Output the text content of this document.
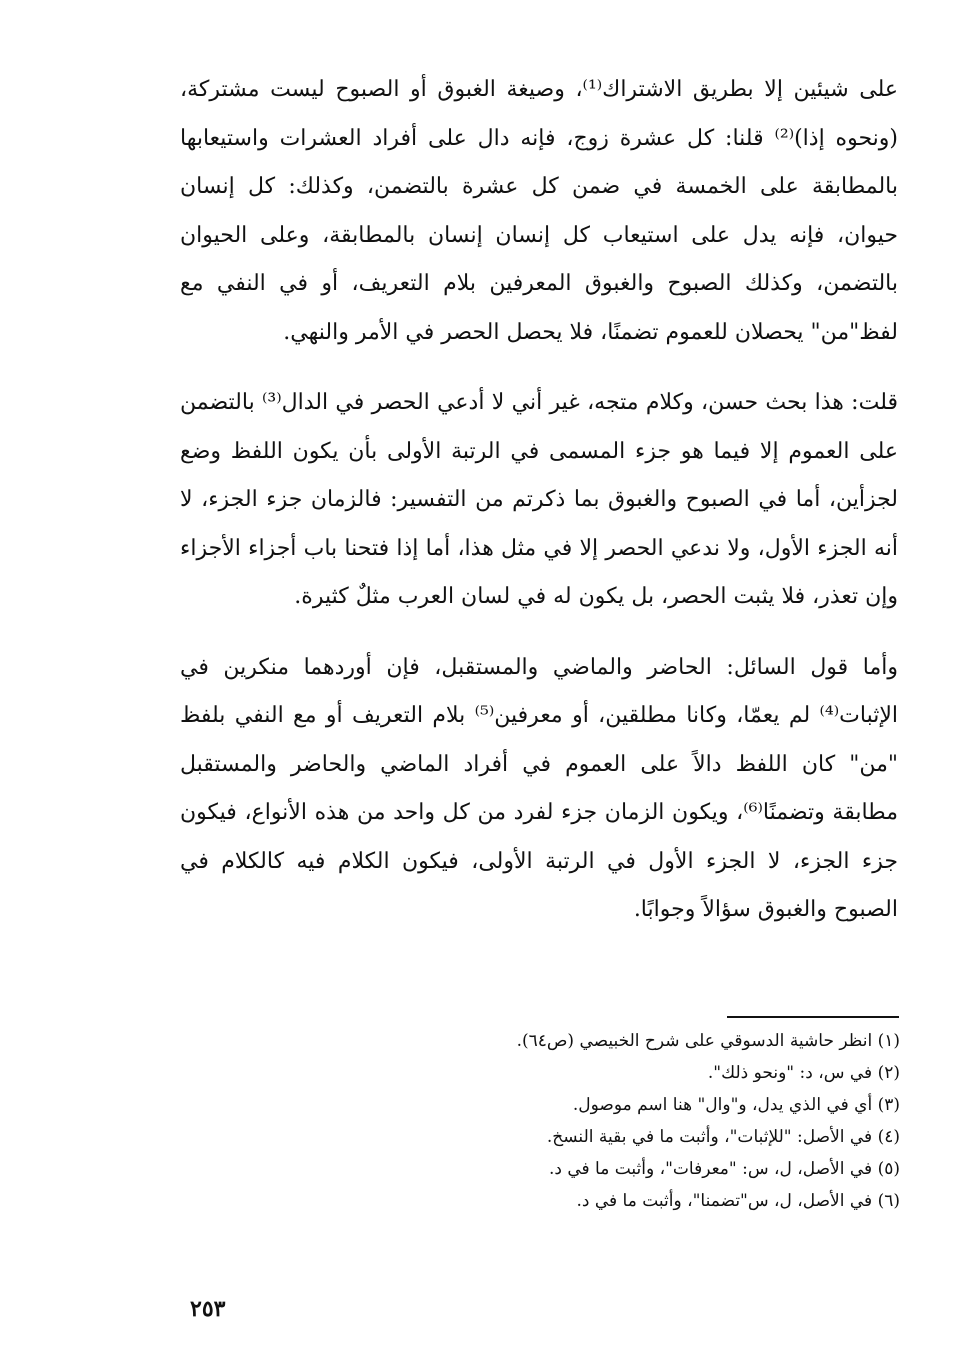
على شيئين إلا بطريق الاشتراك⁽¹⁾، وصيغة الغبوق أو الصبوح ليست مشتركة، (ونحوه إذا)⁽²⁾ قلنا: كل عشرة زوج، فإنه دال على أفراد العشرات واستيعابها بالمطابقة على الخمسة في ضمن كل عشرة بالتضمن، وكذلك: كل إنسان حيوان، فإنه يدل على استيعاب كل إنسان إنسان بالمطابقة، وعلى الحيوان بالتضمن، وكذلك الصبوح والغبوق المعرفين بلام التعريف، أو في النفي مع لفظ"من" يحصلان للعموم تضمنًا، فلا يحصل الحصر في الأمر والنهي.

قلت: هذا بحث حسن، وكلام متجه، غير أني لا أدعي الحصر في الدال⁽³⁾ بالتضمن على العموم إلا فيما هو جزء المسمى في الرتبة الأولى بأن يكون اللفظ وضع لجزأين، أما في الصبوح والغبوق بما ذكرتم من التفسير: فالزمان جزء الجزء، لا أنه الجزء الأول، ولا ندعي الحصر إلا في مثل هذا، أما إذا فتحنا باب أجزاء الأجزاء وإن تعذر، فلا يثبت الحصر، بل يكون له في لسان العرب مثلٌ كثيرة.

وأما قول السائل: الحاضر والماضي والمستقبل، فإن أوردهما منكرين في الإثبات⁽⁴⁾ لم يعمّا، وكانا مطلقين، أو معرفين⁽⁵⁾ بلام التعريف أو مع النفي بلفظ "من" كان اللفظ دالاً على العموم في أفراد الماضي والحاضر والمستقبل مطابقة وتضمنًا⁽⁶⁾، ويكون الزمان جزء لفرد من كل واحد من هذه الأنواع، فيكون جزء الجزء، لا الجزء الأول في الرتبة الأولى، فيكون الكلام فيه كالكلام في الصبوح والغبوق سؤالاً وجوابًا.

(١) انظر حاشية الدسوقي على شرح الخبيصي (ص٦٤).
(٢) في س، د: "ونحو ذلك".
(٣) أي في الذي يدل، و"وال" هنا اسم موصول.
(٤) في الأصل: "للإثبات"، وأثبت ما في بقية النسخ.
(٥) في الأصل، ل، س: "معرفات"، وأثبت ما في د.
(٦) في الأصل، ل، س"تضمنا"، وأثبت ما في د.
٢٥٣
